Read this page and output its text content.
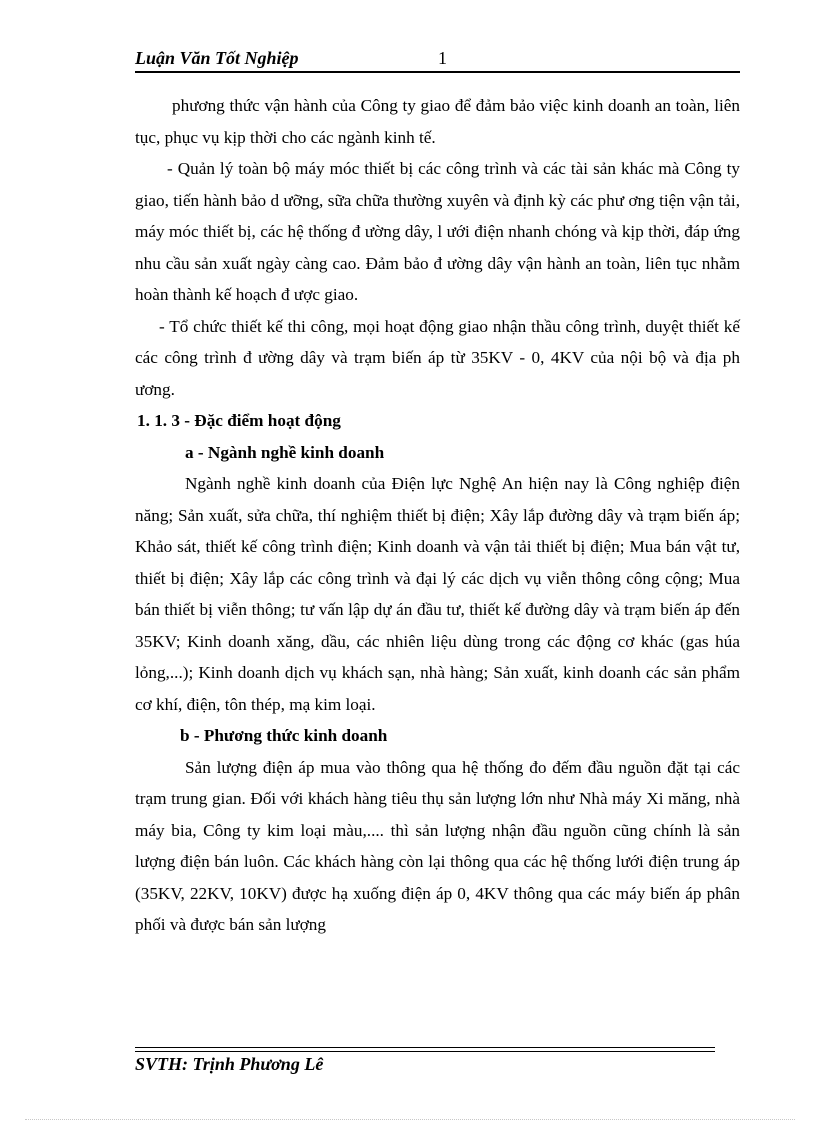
Luận Văn Tốt Nghiệp	1

phương thức vận hành của Công ty giao để đảm bảo việc kinh doanh an toàn, liên tục, phục vụ kịp thời cho các ngành kinh tế.

- Quản lý toàn bộ máy móc thiết bị các công trình và các tài sản khác mà Công ty giao, tiến hành bảo d ưỡng, sữa chữa thường xuyên và định kỳ các phư ơng tiện vận tải, máy móc thiết bị, các hệ thống đ ường dây, l ưới điện nhanh chóng và kịp thời, đáp ứng nhu cầu sản xuất ngày càng cao. Đảm bảo đ ường dây vận hành an toàn, liên tục nhằm hoàn thành kế hoạch đ ược giao.

- Tổ chức thiết kế thi công, mọi hoạt động giao nhận thầu công trình, duyệt thiết kế các công trình đ ường dây và trạm biến áp từ 35KV - 0, 4KV của nội bộ và địa ph ương.

1. 1. 3 - Đặc điểm hoạt động

a - Ngành nghề kinh doanh

Ngành nghề kinh doanh của Điện lực Nghệ An hiện nay là Công nghiệp điện năng; Sản xuất, sửa chữa, thí nghiệm thiết bị điện; Xây lắp đường dây và trạm biến áp; Khảo sát, thiết kế công trình điện; Kinh doanh và vận tải thiết bị điện; Mua bán vật tư, thiết bị điện; Xây lắp các công trình và đại lý các dịch vụ viễn thông công cộng; Mua bán thiết bị viễn thông; tư vấn lập dự án đầu tư, thiết kế đường dây và trạm biến áp đến 35KV; Kinh doanh xăng, dầu, các nhiên liệu dùng trong các động cơ khác (gas húa lỏng,...); Kinh doanh dịch vụ khách sạn, nhà hàng; Sản xuất, kinh doanh các sản phẩm cơ khí, điện, tôn thép, mạ kim loại.

b - Phương thức kinh doanh

Sản lượng điện áp mua vào thông qua hệ thống đo đếm đầu nguồn đặt tại các trạm trung gian. Đối với khách hàng tiêu thụ sản lượng lớn như Nhà máy Xi măng, nhà máy bia, Công ty kim loại màu,.... thì sản lượng nhận đầu nguồn cũng chính là sản lượng điện bán luôn. Các khách hàng còn lại thông qua các hệ thống lưới điện trung áp (35KV, 22KV, 10KV) được hạ xuống điện áp 0, 4KV thông qua các máy biến áp phân phối và được bán sản lượng

SVTH: Trịnh Phương Lê
